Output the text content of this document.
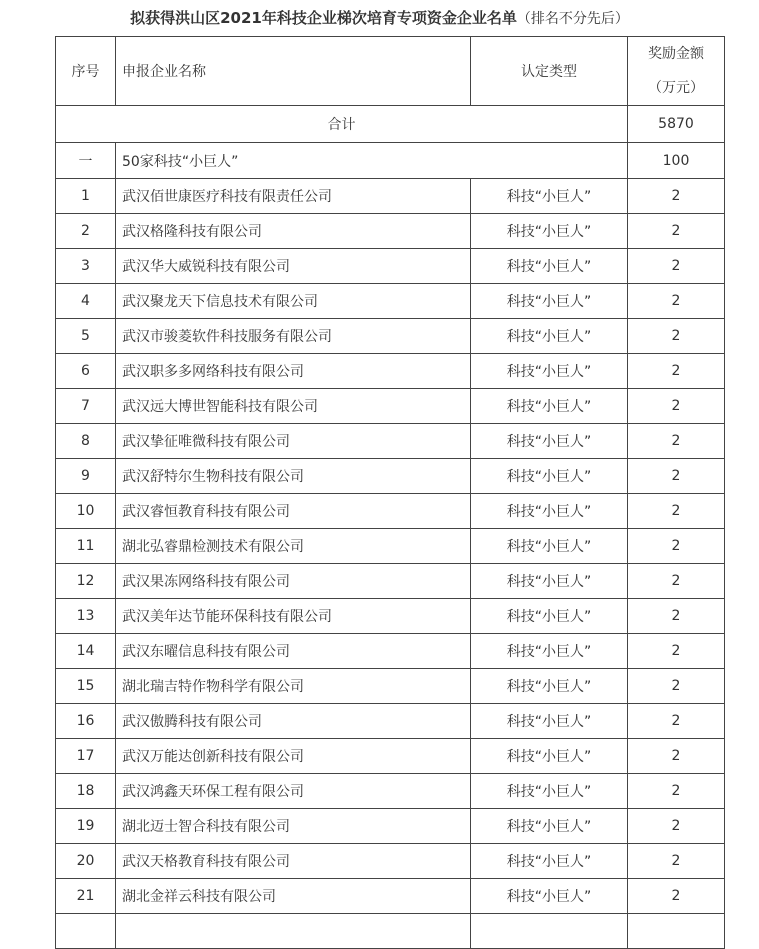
拟获得洪山区2021年科技企业梯次培育专项资金企业名单（排名不分先后）
序号	申报企业名称	认定类型	奖励金额
（万元）

合计			5870
一	50家科技“小巨人”		100
1	武汉佰世康医疗科技有限责任公司	科技“小巨人”	2
2	武汉格隆科技有限公司	科技“小巨人”	2
3	武汉华大威锐科技有限公司	科技“小巨人”	2
4	武汉聚龙天下信息技术有限公司	科技“小巨人”	2
5	武汉市骏菱软件科技服务有限公司	科技“小巨人”	2
6	武汉职多多网络科技有限公司	科技“小巨人”	2
7	武汉远大博世智能科技有限公司	科技“小巨人”	2
8	武汉挚征唯微科技有限公司	科技“小巨人”	2
9	武汉舒特尔生物科技有限公司	科技“小巨人”	2
10	武汉睿恒教育科技有限公司	科技“小巨人”	2
11	湖北弘睿鼎检测技术有限公司	科技“小巨人”	2
12	武汉果冻网络科技有限公司	科技“小巨人”	2
13	武汉美年达节能环保科技有限公司	科技“小巨人”	2
14	武汉东曜信息科技有限公司	科技“小巨人”	2
15	湖北瑞吉特作物科学有限公司	科技“小巨人”	2
16	武汉傲腾科技有限公司	科技“小巨人”	2
17	武汉万能达创新科技有限公司	科技“小巨人”	2
18	武汉鸿鑫天环保工程有限公司	科技“小巨人”	2
19	湖北迈士智合科技有限公司	科技“小巨人”	2
20	武汉天格教育科技有限公司	科技“小巨人”	2
21	湖北金祥云科技有限公司	科技“小巨人”	2
